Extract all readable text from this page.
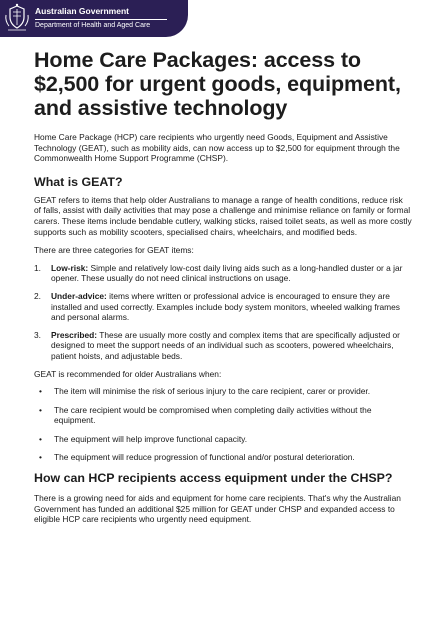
Australian Government
Department of Health and Aged Care
Home Care Packages: access to $2,500 for urgent goods, equipment, and assistive technology

Home Care Package (HCP) care recipients who urgently need Goods, Equipment and Assistive Technology (GEAT), such as mobility aids, can now access up to $2,500 for equipment through the Commonwealth Home Support Programme (CHSP).

What is GEAT?

GEAT refers to items that help older Australians to manage a range of health conditions, reduce risk of falls, assist with daily activities that may pose a challenge and minimise reliance on family or formal carers. These items include bendable cutlery, walking sticks, raised toilet seats, as well as more costly supports such as mobility scooters, specialised chairs, wheelchairs, and modified beds.

There are three categories for GEAT items:

1. Low-risk: Simple and relatively low-cost daily living aids such as a long-handled duster or a jar opener. These usually do not need clinical instructions on usage.
2. Under-advice: items where written or professional advice is encouraged to ensure they are installed and used correctly. Examples include body system monitors, wheeled walking frames and personal alarms.
3. Prescribed: These are usually more costly and complex items that are specifically adjusted or designed to meet the support needs of an individual such as scooters, powered wheelchairs, patient hoists, and adjustable beds.

GEAT is recommended for older Australians when:

• The item will minimise the risk of serious injury to the care recipient, carer or provider.
• The care recipient would be compromised when completing daily activities without the equipment.
• The equipment will help improve functional capacity.
• The equipment will reduce progression of functional and/or postural deterioration.
How can HCP recipients access equipment under the CHSP?

There is a growing need for aids and equipment for home care recipients. That's why the Australian Government has funded an additional $25 million for GEAT under CHSP and expanded access to eligible HCP care recipients who urgently need equipment.
